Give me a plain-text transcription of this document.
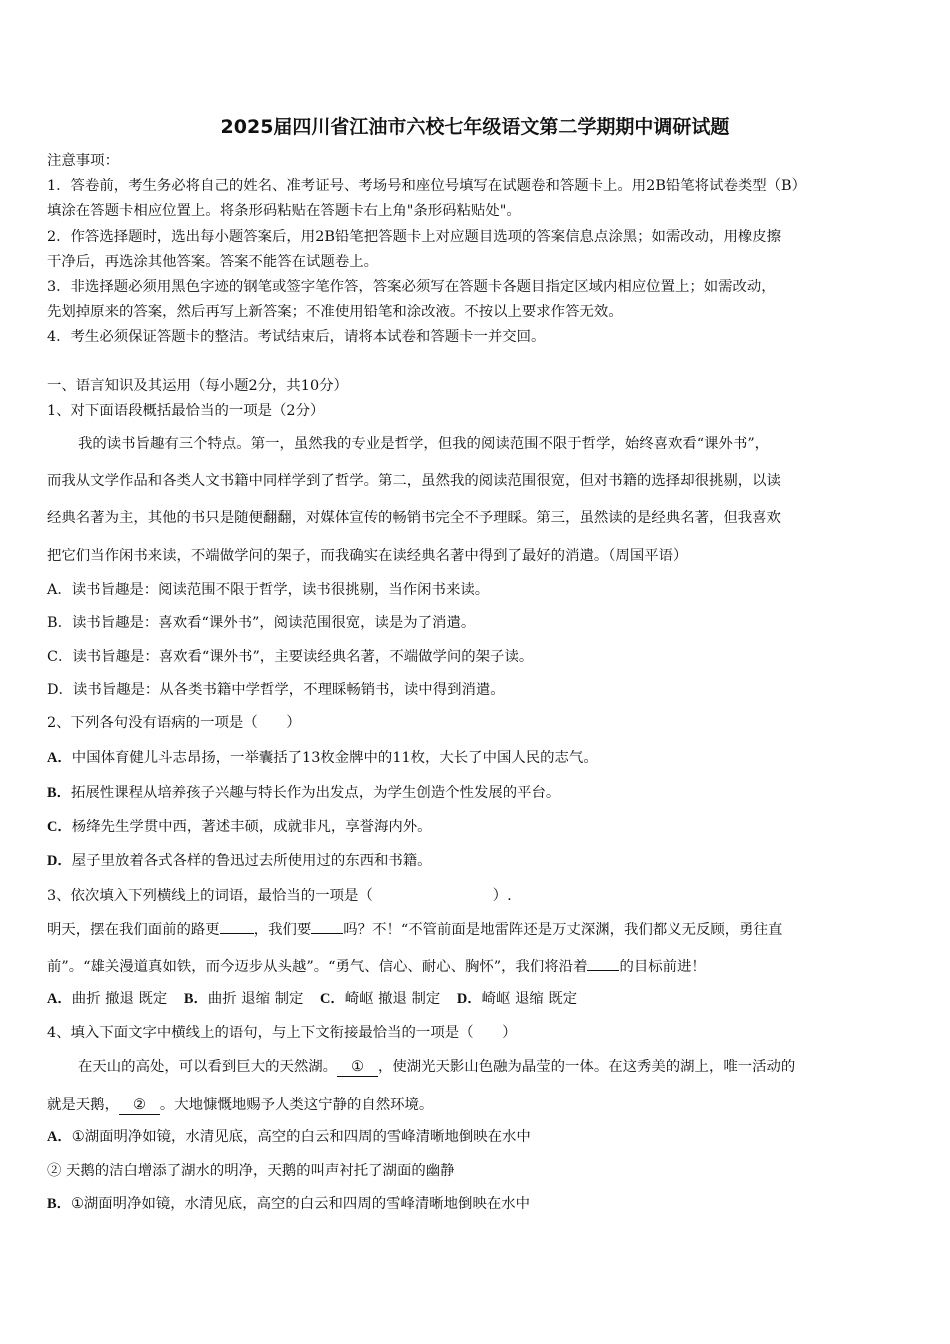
2025届四川省江油市六校七年级语文第二学期期中调研试题
注意事项：
1．答卷前，考生务必将自己的姓名、准考证号、考场号和座位号填写在试题卷和答题卡上。用2B铅笔将试卷类型（B）
填涂在答题卡相应位置上。将条形码粘贴在答题卡右上角"条形码粘贴处"。
2．作答选择题时，选出每小题答案后，用2B铅笔把答题卡上对应题目选项的答案信息点涂黑；如需改动，用橡皮擦
干净后，再选涂其他答案。答案不能答在试题卷上。
3．非选择题必须用黑色字迹的钢笔或签字笔作答，答案必须写在答题卡各题目指定区域内相应位置上；如需改动，
先划掉原来的答案，然后再写上新答案；不准使用铅笔和涂改液。不按以上要求作答无效。
4．考生必须保证答题卡的整洁。考试结束后，请将本试卷和答题卡一并交回。
一、语言知识及其运用（每小题2分，共10分）
1、对下面语段概括最恰当的一项是（2分）
我的读书旨趣有三个特点。第一，虽然我的专业是哲学，但我的阅读范围不限于哲学，始终喜欢看“课外书”，
而我从文学作品和各类人文书籍中同样学到了哲学。第二，虽然我的阅读范围很宽，但对书籍的选择却很挑剔，以读
经典名著为主，其他的书只是随便翻翻，对媒体宣传的畅销书完全不予理睬。第三，虽然读的是经典名著，但我喜欢
把它们当作闲书来读，不端做学问的架子，而我确实在读经典名著中得到了最好的消遣。（周国平语）
A．读书旨趣是：阅读范围不限于哲学，读书很挑剔，当作闲书来读。
B．读书旨趣是：喜欢看“课外书”，阅读范围很宽，读是为了消遣。
C．读书旨趣是：喜欢看“课外书”，主要读经典名著，不端做学问的架子读。
D．读书旨趣是：从各类书籍中学哲学，不理睬畅销书，读中得到消遣。
2、下列各句没有语病的一项是（　　）
A．中国体育健儿斗志昂扬，一举囊括了13枚金牌中的11枚，大长了中国人民的志气。
B．拓展性课程从培养孩子兴趣与特长作为出发点，为学生创造个性发展的平台。
C．杨绛先生学贯中西，著述丰硕，成就非凡，享誉海内外。
D．屋子里放着各式各样的鲁迅过去所使用过的东西和书籍。
3、依次填入下列横线上的词语，最恰当的一项是（	）.
明天，摆在我们面前的路更 ，我们要 吗？不！“不管前面是地雷阵还是万丈深渊，我们都义无反顾，勇往直
前”。“雄关漫道真如铁，而今迈步从头越”。“勇气、信心、耐心、胸怀”，我们将沿着 的目标前进！
A．曲折 撤退 既定 B．曲折 退缩 制定 C．崎岖 撤退 制定 D．崎岖 退缩 既定
4、填入下面文字中横线上的语句，与上下文衔接最恰当的一项是（　　）
在天山的高处，可以看到巨大的天然湖。 ① ，使湖光天影山色融为晶莹的一体。在这秀美的湖上，唯一活动的
就是天鹅， ② 。大地慷慨地赐予人类这宁静的自然环境。
A．①湖面明净如镜，水清见底，高空的白云和四周的雪峰清晰地倒映在水中
② 天鹅的洁白增添了湖水的明净，天鹅的叫声衬托了湖面的幽静
B．①湖面明净如镜，水清见底，高空的白云和四周的雪峰清晰地倒映在水中
